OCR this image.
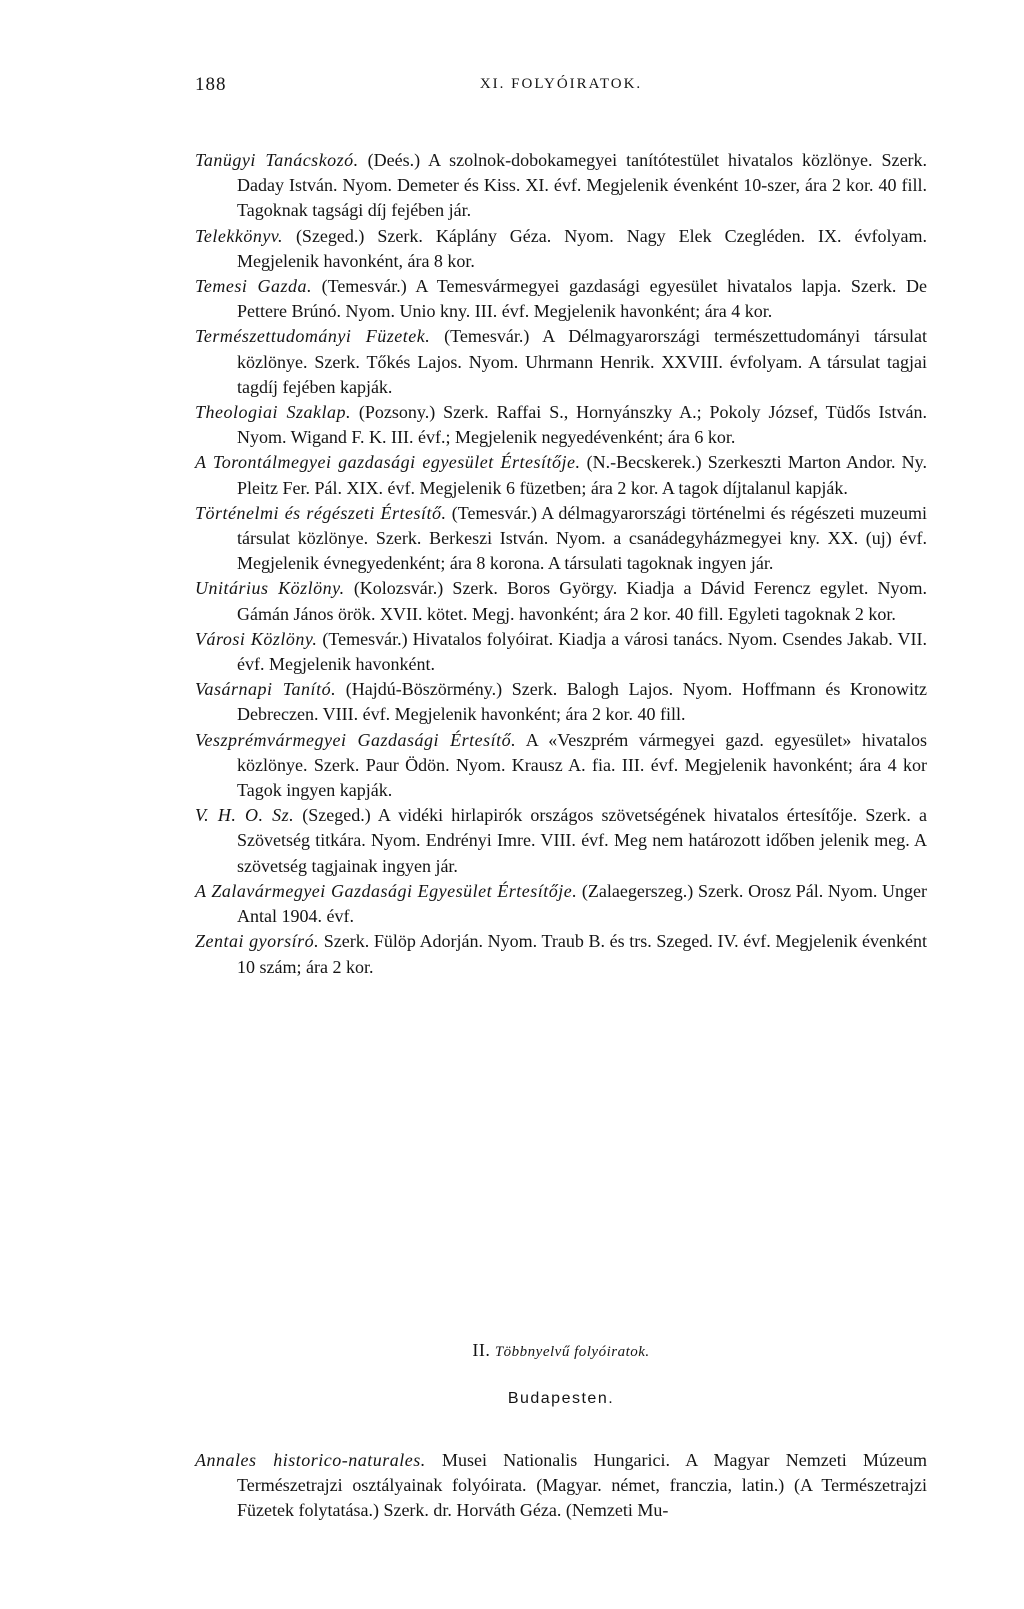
188	XI. FOLYÓIRATOK.

Tanügyi Tanácskozó. (Deés.) A szolnok-dobokamegyei tanítótestület hivatalos közlönye. Szerk. Daday István. Nyom. Demeter és Kiss. XI. évf. Megjelenik évenként 10-szer, ára 2 kor. 40 fill. Tagoknak tagsági díj fejében jár.

Telekkönyv. (Szeged.) Szerk. Káplány Géza. Nyom. Nagy Elek Czegléden. IX. évfolyam. Megjelenik havonként, ára 8 kor.

Temesi Gazda. (Temesvár.) A Temesvármegyei gazdasági egyesület hivatalos lapja. Szerk. De Pettere Brúnó. Nyom. Unio kny. III. évf. Megjelenik havonként; ára 4 kor.

Természettudományi Füzetek. (Temesvár.) A Délmagyarországi természettudományi társulat közlönye. Szerk. Tőkés Lajos. Nyom. Uhrmann Henrik. XXVIII. évfolyam. A társulat tagjai tagdíj fejében kapják.

Theologiai Szaklap. (Pozsony.) Szerk. Raffai S., Hornyánszky A.; Pokoly József, Tüdős István. Nyom. Wigand F. K. III. évf.; Megjelenik negyedévenként; ára 6 kor.

A Torontálmegyei gazdasági egyesület Értesítője. (N.-Becskerek.) Szerkeszti Marton Andor. Ny. Pleitz Fer. Pál. XIX. évf. Megjelenik 6 füzetben; ára 2 kor. A tagok díjtalanul kapják.

Történelmi és régészeti Értesítő. (Temesvár.) A délmagyarországi történelmi és régészeti muzeumi társulat közlönye. Szerk. Berkeszi István. Nyom. a csanádegyházmegyei kny. XX. (uj) évf. Megjelenik évnegyedenként; ára 8 korona. A társulati tagoknak ingyen jár.

Unitárius Közlöny. (Kolozsvár.) Szerk. Boros György. Kiadja a Dávid Ferencz egylet. Nyom. Gámán János örök. XVII. kötet. Megj. havonként; ára 2 kor. 40 fill. Egyleti tagoknak 2 kor.

Városi Közlöny. (Temesvár.) Hivatalos folyóirat. Kiadja a városi tanács. Nyom. Csendes Jakab. VII. évf. Megjelenik havonként.

Vasárnapi Tanító. (Hajdú-Böszörmény.) Szerk. Balogh Lajos. Nyom. Hoffmann és Kronowitz Debreczen. VIII. évf. Megjelenik havonként; ára 2 kor. 40 fill.

Veszprémvármegyei Gazdasági Értesítő. A «Veszprém vármegyei gazd. egyesület» hivatalos közlönye. Szerk. Paur Ödön. Nyom. Krausz A. fia. III. évf. Megjelenik havonként; ára 4 kor Tagok ingyen kapják.

V. H. O. Sz. (Szeged.) A vidéki hirlapirók országos szövetségének hivatalos értesítője. Szerk. a Szövetség titkára. Nyom. Endrényi Imre. VIII. évf. Meg nem határozott időben jelenik meg. A szövetség tagjainak ingyen jár.

A Zalavármegyei Gazdasági Egyesület Értesítője. (Zalaegerszeg.) Szerk. Orosz Pál. Nyom. Unger Antal 1904. évf.

Zentai gyorsíró. Szerk. Fülöp Adorján. Nyom. Traub B. és trs. Szeged. IV. évf. Megjelenik évenként 10 szám; ára 2 kor.

II. Többnyelvű folyóiratok.
Budapesten.

Annales historico-naturales. Musei Nationalis Hungarici. A Magyar Nemzeti Múzeum Természetrajzi osztályainak folyóirata. (Magyar. német, franczia, latin.) (A Természetrajzi Füzetek folytatása.) Szerk. dr. Horváth Géza. (Nemzeti Mu-
